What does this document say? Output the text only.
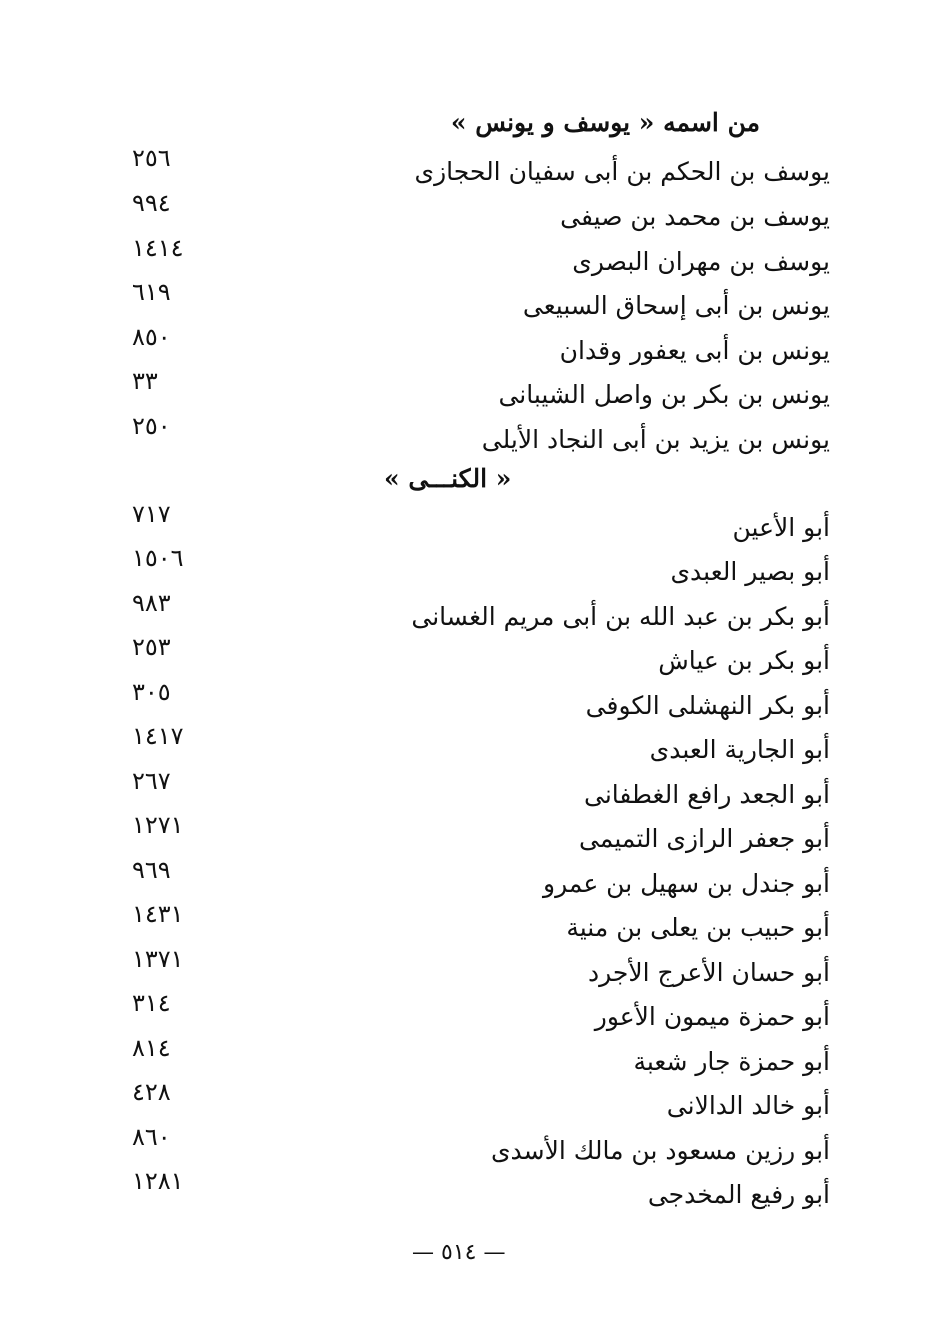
من اسمه « يوسف و يونس »
يوسف بن الحكم بن أبى سفيان الحجازى
٢٥٦
يوسف بن محمد بن صيفى
٩٩٤
يوسف بن مهران البصرى
١٤١٤
يونس بن أبى إسحاق السبيعى
٦١٩
يونس بن أبى يعفور وقدان
٨٥٠
يونس بن بكر بن واصل الشيبانى
٣٣
يونس بن يزيد بن أبى النجاد الأيلى
٢٥٠
« الكنـــى »
أبو الأعين
٧١٧
أبو بصير العبدى
١٥٠٦
أبو بكر بن عبد الله بن أبى مريم الغسانى
٩٨٣
أبو بكر بن عياش
٢٥٣
أبو بكر النهشلى الكوفى
٣٠٥
أبو الجارية العبدى
١٤١٧
أبو الجعد رافع الغطفانى
٢٦٧
أبو جعفر الرازى التميمى
١٢٧١
أبو جندل بن سهيل بن عمرو
٩٦٩
أبو حبيب بن يعلى بن منية
١٤٣١
أبو حسان الأعرج الأجرد
١٣٧١
أبو حمزة ميمون الأعور
٣١٤
أبو حمزة جار شعبة
٨١٤
أبو خالد الدالانى
٤٢٨
أبو رزين مسعود بن مالك الأسدى
٨٦٠
أبو رفيع المخدجى
١٢٨١
— ٥١٤ —
